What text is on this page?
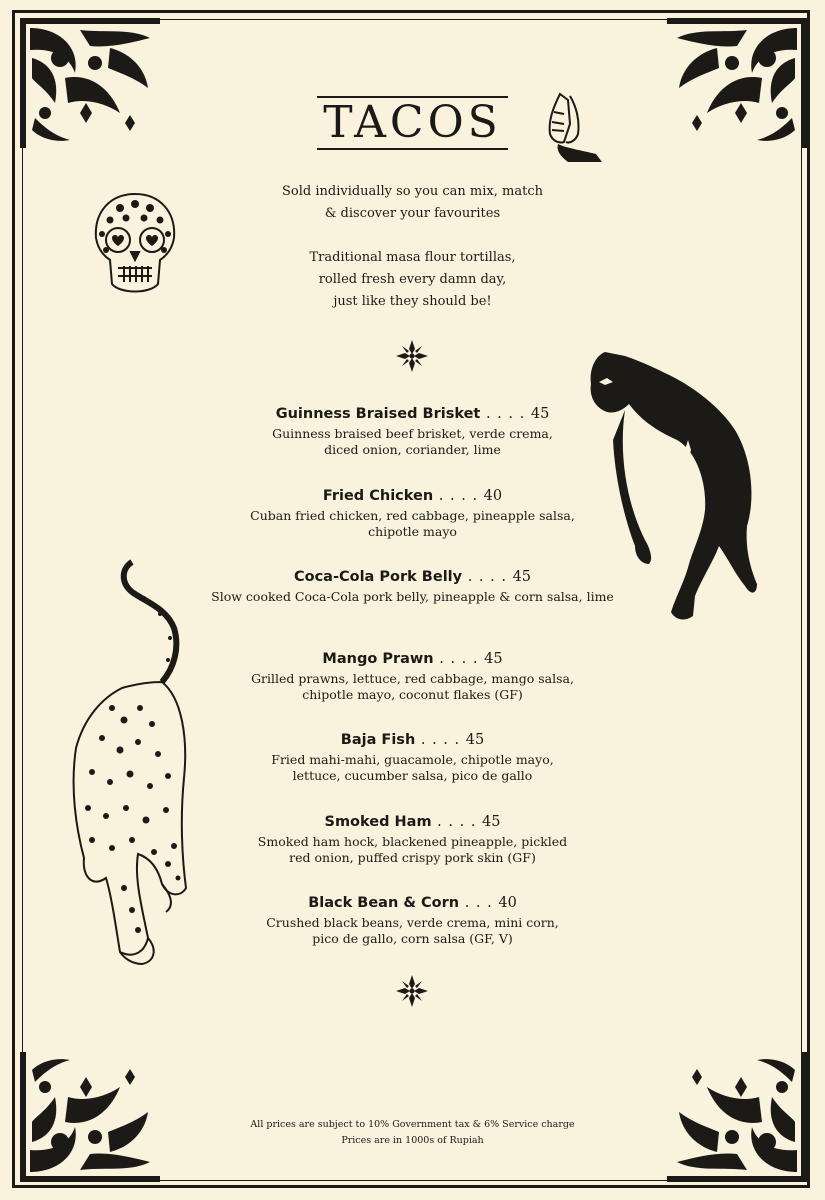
TACOS
Sold individually so you can mix, match
& discover your favourites
Traditional masa flour tortillas,
rolled fresh every damn day,
just like they should be!
Guinness Braised Brisket . . . . 45
Guinness braised beef brisket, verde crema,
diced onion, coriander, lime
Fried Chicken . . . . 40
Cuban fried chicken, red cabbage, pineapple salsa,
chipotle mayo
Coca-Cola Pork Belly . . . . 45
Slow cooked Coca-Cola pork belly, pineapple & corn salsa, lime
Mango Prawn . . . . 45
Grilled prawns, lettuce, red cabbage, mango salsa,
chipotle mayo, coconut flakes (GF)
Baja Fish . . . . 45
Fried mahi-mahi, guacamole, chipotle mayo,
lettuce, cucumber salsa, pico de gallo
Smoked Ham . . . . 45
Smoked ham hock, blackened pineapple, pickled
red onion, puffed crispy pork skin (GF)
Black Bean & Corn . . . 40
Crushed black beans, verde crema, mini corn,
pico de gallo, corn salsa (GF, V)
All prices are subject to 10% Government tax & 6% Service charge
Prices are in 1000s of Rupiah
